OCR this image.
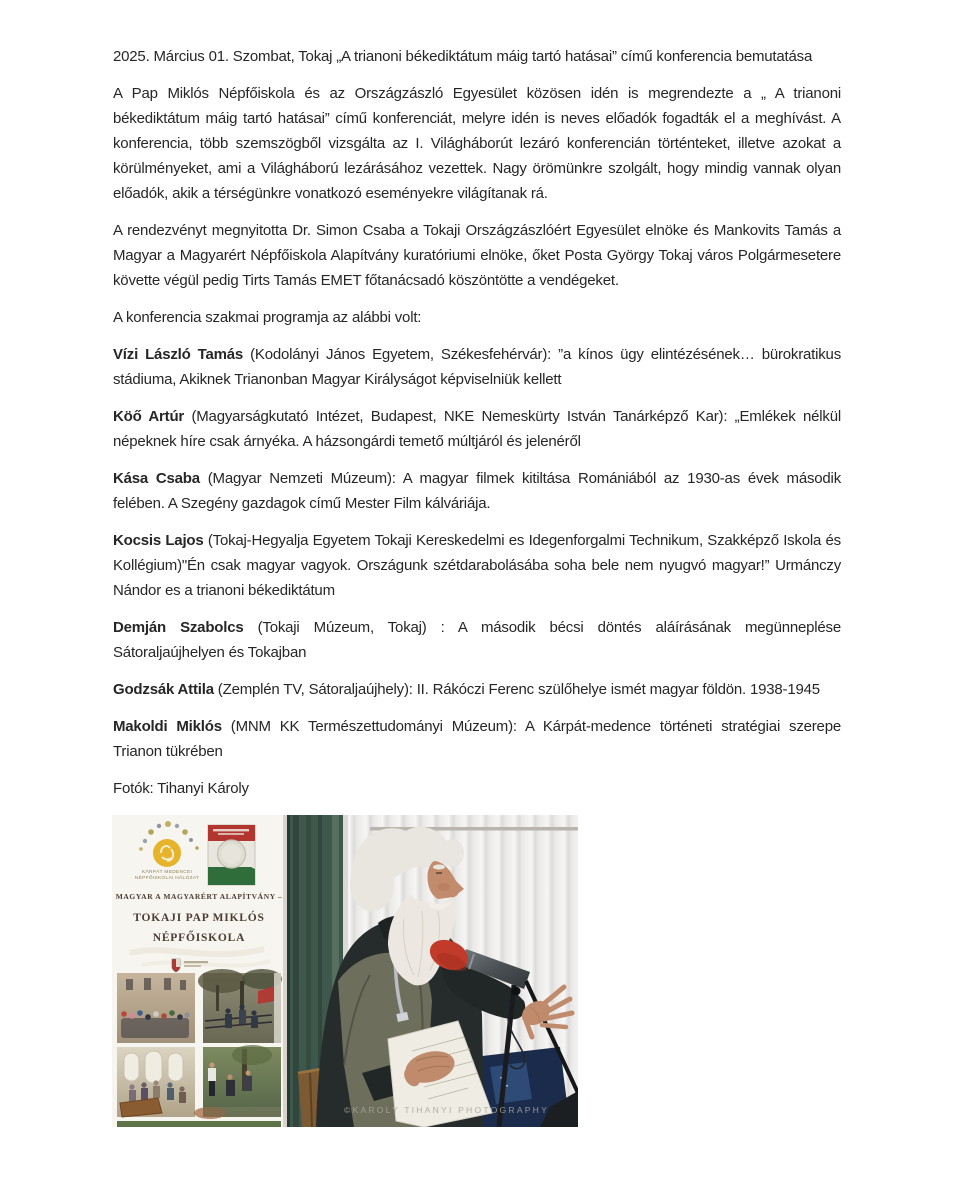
2025. Március 01. Szombat, Tokaj „A trianoni békediktátum máig tartó hatásai” című konferencia bemutatása

A Pap Miklós Népfőiskola és az Országzászló Egyesület közösen idén is megrendezte a „ A trianoni békediktátum máig tartó hatásai” című konferenciát, melyre idén is neves előadók fogadták el a meghívást. A konferencia, több szemszögből vizsgálta az I. Világháborút lezáró konferencián történteket, illetve azokat a körülményeket, ami a Világháború lezárásához vezettek. Nagy örömünkre szolgált, hogy mindig vannak olyan előadók, akik a térségünkre vonatkozó eseményekre világítanak rá.

A rendezvényt megnyitotta Dr. Simon Csaba a Tokaji Országzászlóért Egyesület elnöke és Mankovits Tamás a Magyar a Magyarért Népfőiskola Alapítvány kuratóriumi elnöke, őket Posta György Tokaj város Polgármesetere követte végül pedig Tirts Tamás EMET főtanácsadó köszöntötte a vendégeket.

A konferencia szakmai programja az alábbi volt:

Vízi László Tamás (Kodolányi János Egyetem, Székesfehérvár): ”a kínos ügy elintézésének… bürokratikus stádiuma, Akiknek Trianonban Magyar Királyságot képviselniük kellett

Köő Artúr (Magyarságkutató Intézet, Budapest, NKE Nemeskürty István Tanárképző Kar): „Emlékek nélkül népeknek híre csak árnyéka. A házsongárdi temető múltjáról és jelenéről

Kása Csaba (Magyar Nemzeti Múzeum): A magyar filmek kitiltása Romániából az 1930-as évek második felében. A Szegény gazdagok című Mester Film kálváriája.

Kocsis Lajos (Tokaj-Hegyalja Egyetem Tokaji Kereskedelmi es Idegenforgalmi Technikum, Szakképző Iskola és Kollégium)"Én csak magyar vagyok. Országunk szétdarabolásába soha bele nem nyugvó magyar!” Urmánczy Nándor es a trianoni békediktátum

Demján Szabolcs (Tokaji Múzeum, Tokaj) : A második bécsi döntés aláírásának megünneplése Sátoraljaújhelyen és Tokajban

Godzsák Attila (Zemplén TV, Sátoraljaújhely): II. Rákóczi Ferenc szülőhelye ismét magyar földön. 1938-1945

Makoldi Miklós (MNM KK Természettudományi Múzeum): A Kárpát-medence történeti stratégiai szerepe Trianon tükrében

Fotók: Tihanyi Károly

KÁRPÁT MEDENCEI
NÉPFŐISKOLAI HÁLÓZAT
MAGYAR A MAGYARÉRT ALAPÍTVÁNY –
TOKAJI PAP MIKLÓS
NÉPFŐISKOLA
©KAROLY TIHANYI PHOTOGRAPHY
